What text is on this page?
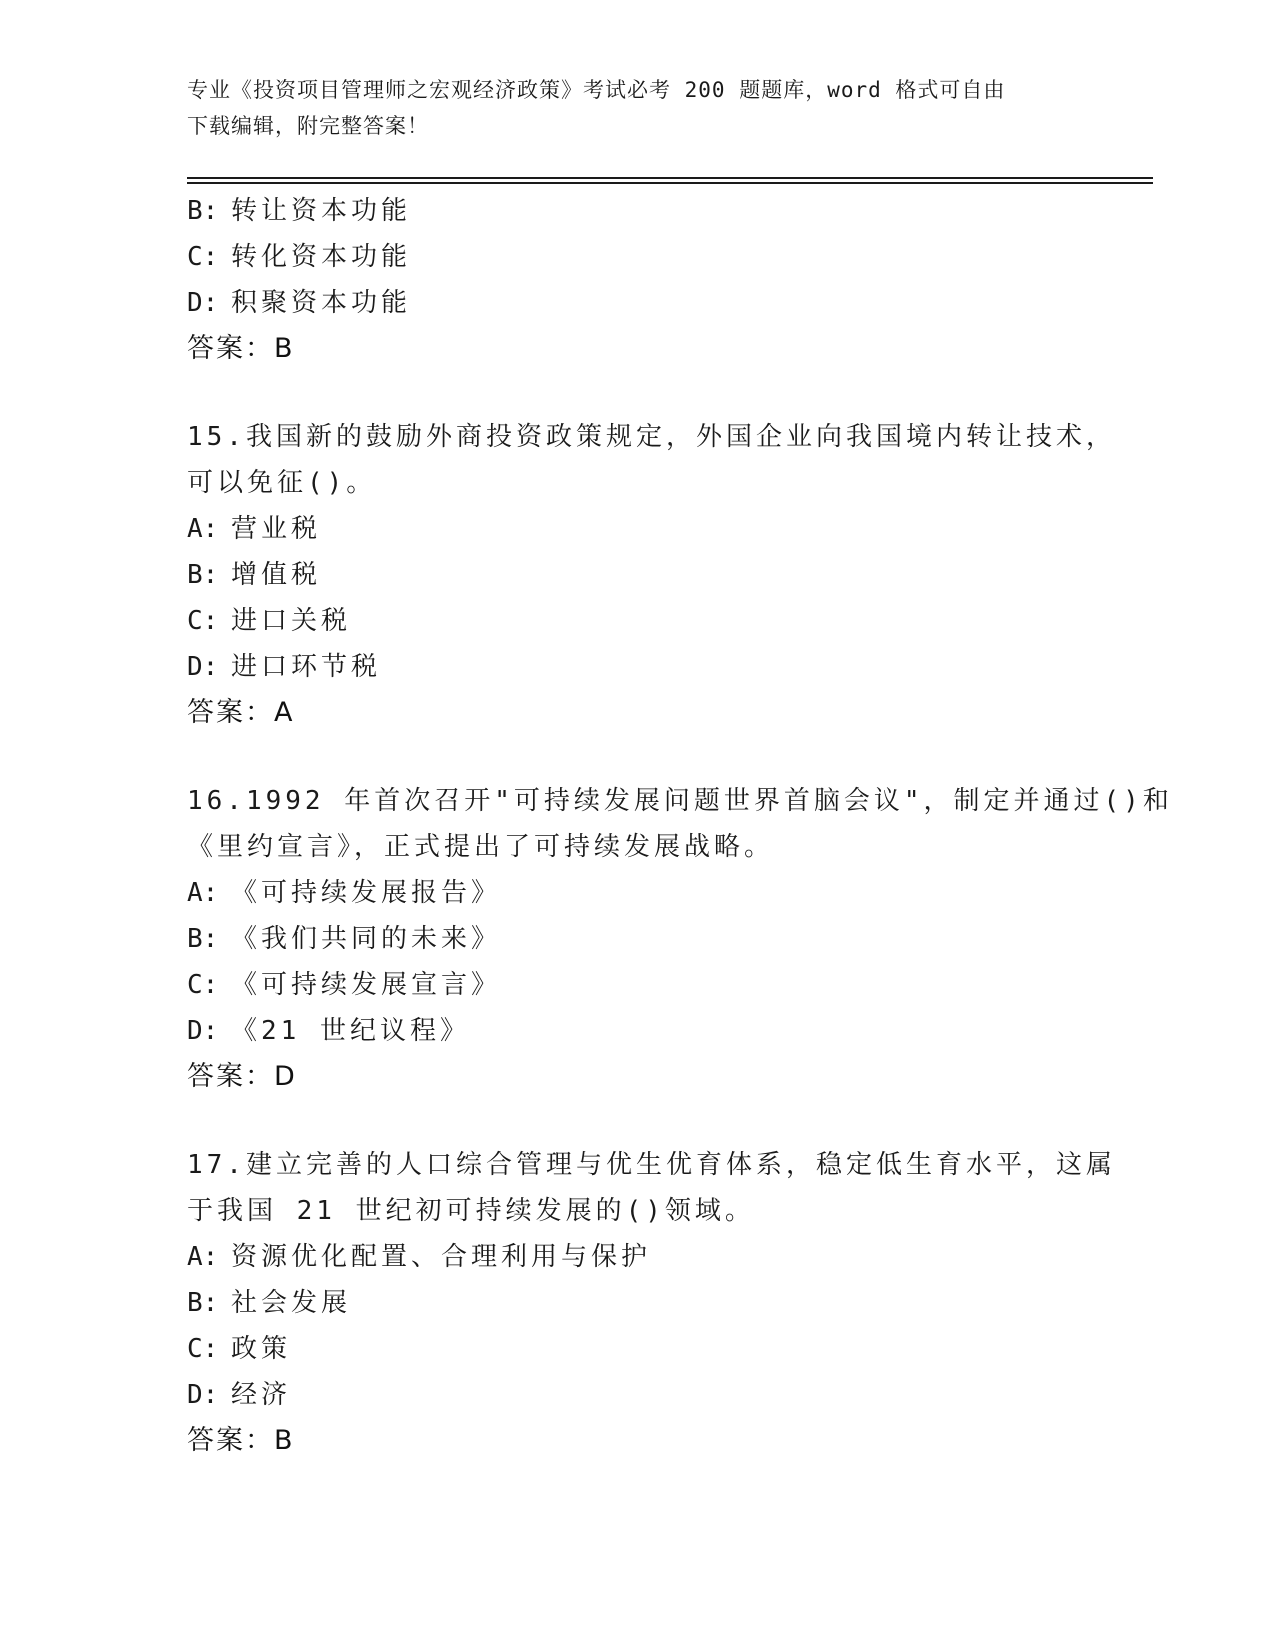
专业《投资项目管理师之宏观经济政策》考试必考 200 题题库，word 格式可自由
下载编辑，附完整答案！
B: 转让资本功能
C: 转化资本功能
D: 积聚资本功能
答案：B
15.我国新的鼓励外商投资政策规定，外国企业向我国境内转让技术，
可以免征()。
A: 营业税
B: 增值税
C: 进口关税
D: 进口环节税
答案：A
16.1992 年首次召开"可持续发展问题世界首脑会议"，制定并通过()和
《里约宣言》，正式提出了可持续发展战略。
A: 《可持续发展报告》
B: 《我们共同的未来》
C: 《可持续发展宣言》
D: 《21 世纪议程》
答案：D
17.建立完善的人口综合管理与优生优育体系，稳定低生育水平，这属
于我国 21 世纪初可持续发展的()领域。
A: 资源优化配置、合理利用与保护
B: 社会发展
C: 政策
D: 经济
答案：B
